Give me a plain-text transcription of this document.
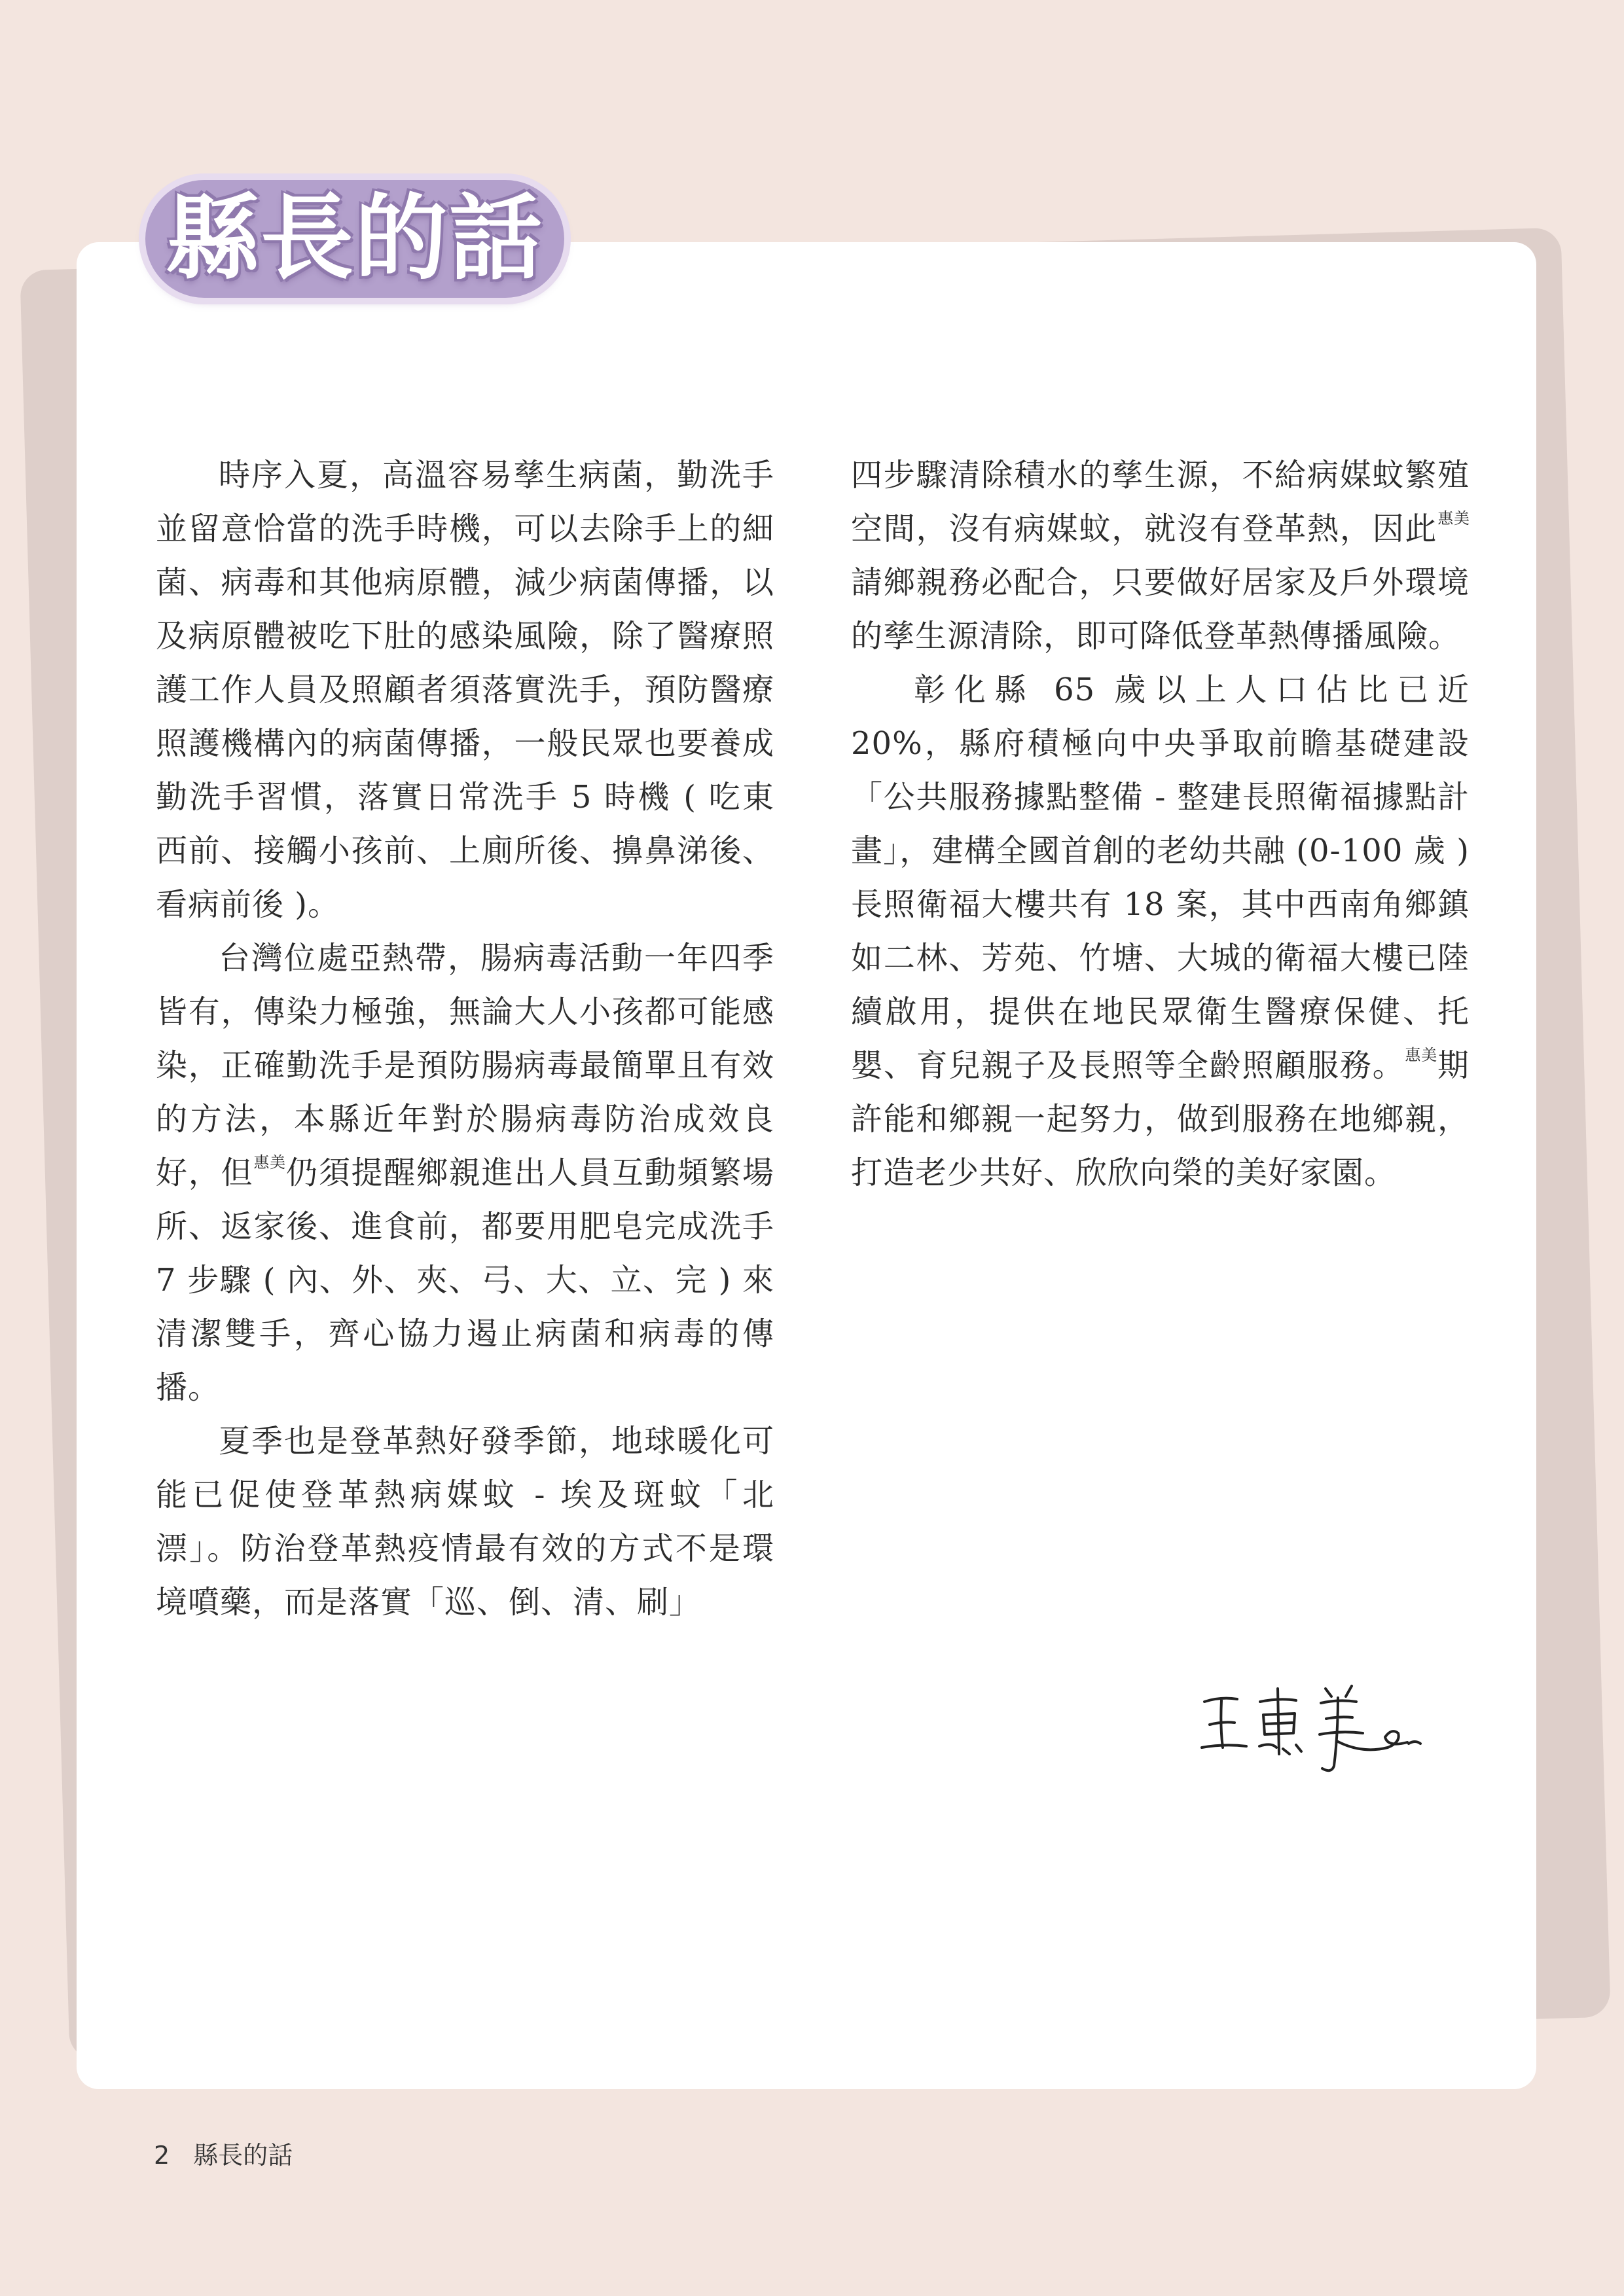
縣長的話

時序入夏，高溫容易孳生病菌，勤洗手並留意恰當的洗手時機，可以去除手上的細菌、病毒和其他病原體，減少病菌傳播，以及病原體被吃下肚的感染風險，除了醫療照護工作人員及照顧者須落實洗手，預防醫療照護機構內的病菌傳播，一般民眾也要養成勤洗手習慣，落實日常洗手 5 時機 ( 吃東西前、接觸小孩前、上廁所後、擤鼻涕後、看病前後 )。

台灣位處亞熱帶，腸病毒活動一年四季皆有，傳染力極強，無論大人小孩都可能感染，正確勤洗手是預防腸病毒最簡單且有效的方法，本縣近年對於腸病毒防治成效良好，但$^{惠美}$仍須提醒鄉親進出人員互動頻繁場所、返家後、進食前，都要用肥皂完成洗手 7 步驟 ( 內、外、夾、弓、大、立、完 ) 來清潔雙手，齊心協力遏止病菌和病毒的傳播。

夏季也是登革熱好發季節，地球暖化可能已促使登革熱病媒蚊 - 埃及斑蚊「北漂」。防治登革熱疫情最有效的方式不是環境噴藥，而是落實「巡、倒、清、刷」

四步驟清除積水的孳生源，不給病媒蚊繁殖空間，沒有病媒蚊，就沒有登革熱，因此$^{惠美}$請鄉親務必配合，只要做好居家及戶外環境的孳生源清除，即可降低登革熱傳播風險。

彰化縣 65 歲以上人口佔比已近 20%，縣府積極向中央爭取前瞻基礎建設「公共服務據點整備 - 整建長照衛福據點計畫」，建構全國首創的老幼共融 (0-100 歲 ) 長照衛福大樓共有 18 案，其中西南角鄉鎮如二林、芳苑、竹塘、大城的衛福大樓已陸續啟用，提供在地民眾衛生醫療保健、托嬰、育兒親子及長照等全齡照顧服務。$^{惠美}$期許能和鄉親一起努力，做到服務在地鄉親，打造老少共好、欣欣向榮的美好家園。

2 縣長的話
